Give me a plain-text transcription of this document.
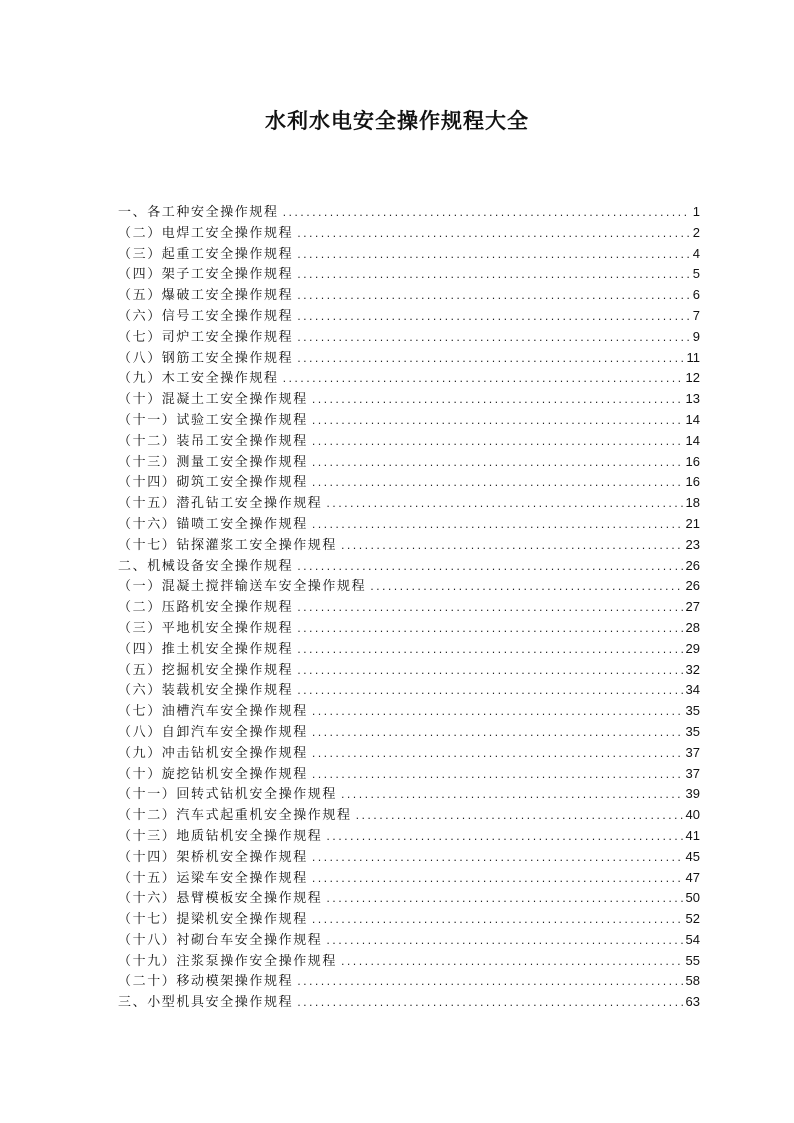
水利水电安全操作规程大全
一、各工种安全操作规程 .....	1
（二）电焊工安全操作规程 .....	2
（三）起重工安全操作规程 .....	4
（四）架子工安全操作规程 .....	5
（五）爆破工安全操作规程 .....	6
（六）信号工安全操作规程 .....	7
（七）司炉工安全操作规程 .....	9
（八）钢筋工安全操作规程 .....	11
（九）木工安全操作规程 .....	12
（十）混凝土工安全操作规程 .....	13
（十一）试验工安全操作规程 .....	14
（十二）装吊工安全操作规程 .....	14
（十三）测量工安全操作规程 .....	16
（十四）砌筑工安全操作规程 .....	16
（十五）潜孔钻工安全操作规程 .....	18
（十六）锚喷工安全操作规程 .....	21
（十七）钻探灌浆工安全操作规程 .....	23
二、机械设备安全操作规程 .....	26
（一）混凝土搅拌输送车安全操作规程 .....	26
（二）压路机安全操作规程 .....	27
（三）平地机安全操作规程 .....	28
（四）推土机安全操作规程 .....	29
（五）挖掘机安全操作规程 .....	32
（六）装载机安全操作规程 .....	34
（七）油槽汽车安全操作规程 .....	35
（八）自卸汽车安全操作规程 .....	35
（九）冲击钻机安全操作规程 .....	37
（十）旋挖钻机安全操作规程 .....	37
（十一）回转式钻机安全操作规程 .....	39
（十二）汽车式起重机安全操作规程 .....	40
（十三）地质钻机安全操作规程 .....	41
（十四）架桥机安全操作规程 .....	45
（十五）运梁车安全操作规程 .....	47
（十六）悬臂模板安全操作规程 .....	50
（十七）提梁机安全操作规程 .....	52
（十八）衬砌台车安全操作规程 .....	54
（十九）注浆泵操作安全操作规程 .....	55
（二十）移动模架操作规程 .....	58
三、小型机具安全操作规程 .....	63
